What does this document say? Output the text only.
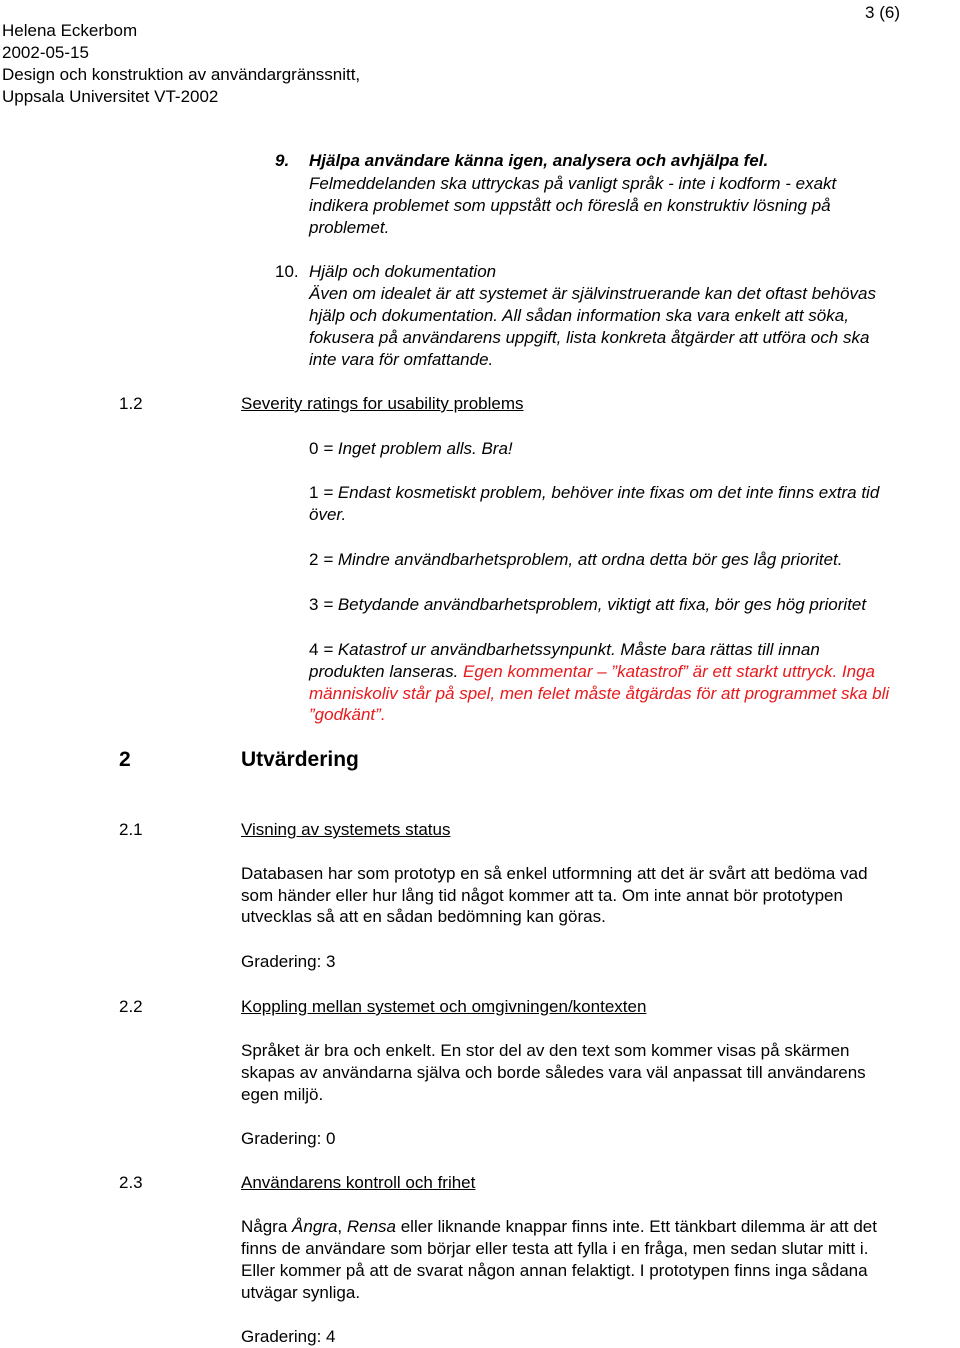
Helena Eckerbom
2002-05-15
Design och konstruktion av användargränssnitt,
Uppsala Universitet VT-2002
3 (6)
9. Hjälpa användare känna igen, analysera och avhjälpa fel.
Felmeddelanden ska uttryckas på vanligt språk - inte i kodform - exakt
indikera problemet som uppstått och föreslå en konstruktiv lösning på
problemet.
10. Hjälp och dokumentation
Även om idealet är att systemet är självinstruerande kan det oftast behövas
hjälp och dokumentation. All sådan information ska vara enkelt att söka,
fokusera på användarens uppgift, lista konkreta åtgärder att utföra och ska
inte vara för omfattande.
1.2	Severity ratings for usability problems
0 = Inget problem alls. Bra!
1 = Endast kosmetiskt problem, behöver inte fixas om det inte finns extra tid
över.
2 = Mindre användbarhetsproblem, att ordna detta bör ges låg prioritet.
3 = Betydande användbarhetsproblem, viktigt att fixa, bör ges hög prioritet
4 = Katastrof ur användbarhetssynpunkt. Måste bara rättas till innan
produkten lanseras. Egen kommentar – ”katastrof” är ett starkt uttryck. Inga
människoliv står på spel, men felet måste åtgärdas för att programmet ska bli
”godkänt”.
2	Utvärdering
2.1	Visning av systemets status
Databasen har som prototyp en så enkel utformning att det är svårt att bedöma vad
som händer eller hur lång tid något kommer att ta. Om inte annat bör prototypen
utvecklas så att en sådan bedömning kan göras.
Gradering: 3
2.2	Koppling mellan systemet och omgivningen/kontexten
Språket är bra och enkelt. En stor del av den text som kommer visas på skärmen
skapas av användarna själva och borde således vara väl anpassat till användarens
egen miljö.
Gradering: 0
2.3	Användarens kontroll och frihet
Några Ångra, Rensa eller liknande knappar finns inte. Ett tänkbart dilemma är att det
finns de användare som börjar eller testa att fylla i en fråga, men sedan slutar mitt i.
Eller kommer på att de svarat någon annan felaktigt. I prototypen finns inga sådana
utvägar synliga.
Gradering: 4
